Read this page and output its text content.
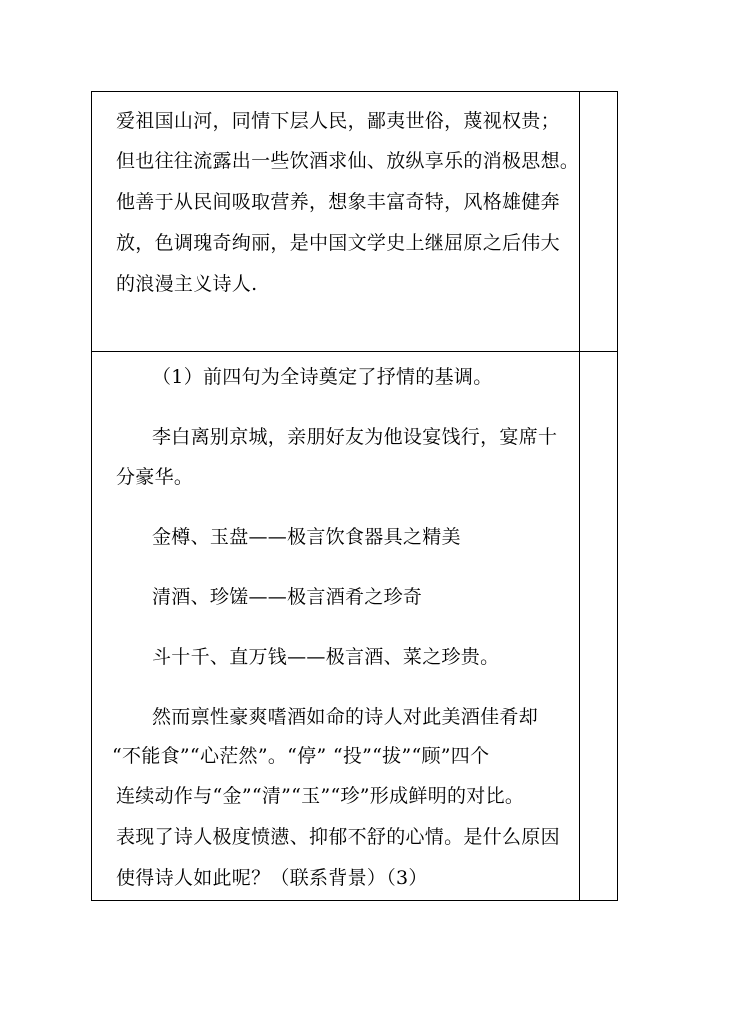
爱祖国山河，同情下层人民，鄙夷世俗，蔑视权贵；
但也往往流露出一些饮酒求仙、放纵享乐的消极思想。
他善于从民间吸取营养，想象丰富奇特，风格雄健奔
放，色调瑰奇绚丽，是中国文学史上继屈原之后伟大
的浪漫主义诗人.
（1）前四句为全诗奠定了抒情的基调。
李白离别京城，亲朋好友为他设宴饯行，宴席十
分豪华。
金樽、玉盘——极言饮食器具之精美
清酒、珍馐——极言酒肴之珍奇
斗十千、直万钱——极言酒、菜之珍贵。
然而禀性豪爽嗜酒如命的诗人对此美酒佳肴却
“不能食”“心茫然”。“停” “投”“拔”“顾”四个
连续动作与“金”“清”“玉”“珍”形成鲜明的对比。
表现了诗人极度愤懑、抑郁不舒的心情。是什么原因
使得诗人如此呢？（联系背景）（3）
